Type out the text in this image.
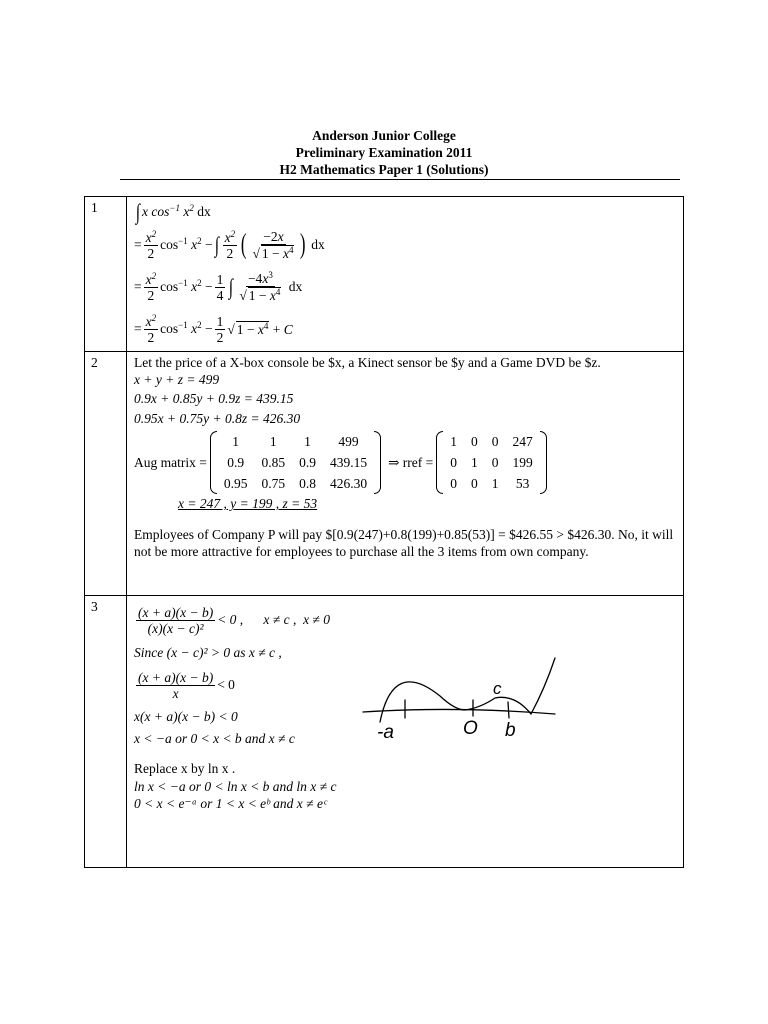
Anderson Junior College
Preliminary Examination 2011
H2 Mathematics Paper 1 (Solutions)
1	∫ x $\cos^{-1} x^2$
dx
= $\frac{x^2}{2} \cos^{-1} x^2$ − ∫ $\frac{x^2}{2}$ ( $\frac{-2x}{√ 1 - x^4}$ ) dx
= $\frac{x^2}{2} \cos^{-1} x^2 - \frac{1}{4}$ ∫ $\frac{-4x^3}{√ 1 - x^4}$ dx
= $\frac{x^2}{2} \cos^{-1} x^2 - \frac{1}{2}$ √ $1 - x^4 + C$

2	Let the price of a X-box console be $x, a Kinect sensor be $y and a Game DVD be $z.

x + y + z = 499

0.9x + 0.85y + 0.9z = 439.15

0.95x + 0.75y + 0.8z = 426.30

Aug matrix =
1	1	1	499
0.9	0.85	0.9	439.15
0.95	0.75	0.8	426.30
⇒ rref =
1	0	0	247
0	1	0	199
0	0	1	53

x = 247 , y = 199 , z = 53

Employees of Company P will pay $[0.9(247)+0.8(199)+0.85(53)] = $426.55 > $426.30. No, it will not be more attractive for employees to purchase all the 3 items from own company.

3	$\frac{(x + a)(x - b)}{\text{(x)(x − c)²}} < 0$ ,      x ≠ c ,  x ≠ 0

Since (x − c)² > 0 as x ≠ c ,

$\frac{(x + a)(x - b)}{x} < 0$

x(x + a)(x − b) < 0

x < −a or 0 < x < b and x ≠ c

Replace x by ln x .

ln x < −a or 0 < ln x < b and ln x ≠ c

0 < x < e⁻ᵃ or 1 < x < eᵇ and x ≠ eᶜ

-a	O b
c
